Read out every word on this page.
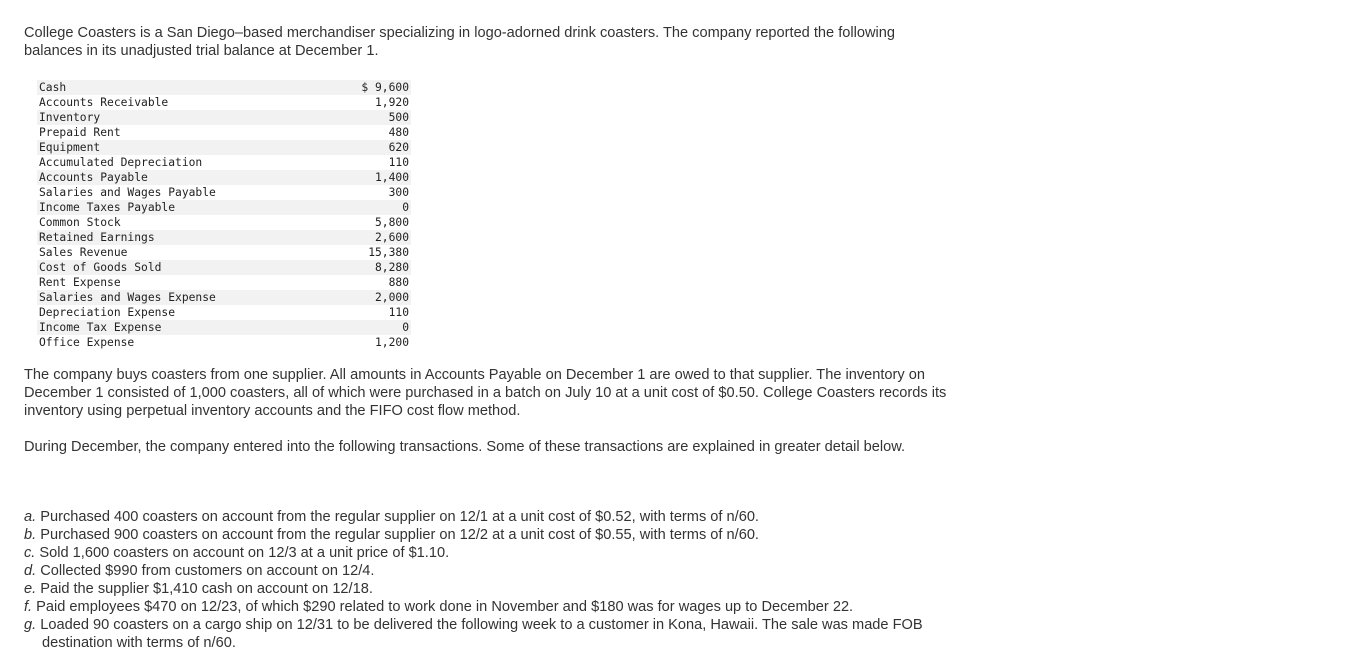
College Coasters is a San Diego–based merchandiser specializing in logo-adorned drink coasters. The company reported the following balances in its unadjusted trial balance at December 1.

Cash	$ 9,600
Accounts Receivable	1,920
Inventory	500
Prepaid Rent	480
Equipment	620
Accumulated Depreciation	110
Accounts Payable	1,400
Salaries and Wages Payable	300
Income Taxes Payable	0
Common Stock	5,800
Retained Earnings	2,600
Sales Revenue	15,380
Cost of Goods Sold	8,280
Rent Expense	880
Salaries and Wages Expense	2,000
Depreciation Expense	110
Income Tax Expense	0
Office Expense	1,200

The company buys coasters from one supplier. All amounts in Accounts Payable on December 1 are owed to that supplier. The inventory on December 1 consisted of 1,000 coasters, all of which were purchased in a batch on July 10 at a unit cost of $0.50. College Coasters records its inventory using perpetual inventory accounts and the FIFO cost flow method.

During December, the company entered into the following transactions. Some of these transactions are explained in greater detail below.

a. Purchased 400 coasters on account from the regular supplier on 12/1 at a unit cost of $0.52, with terms of n/60.
b. Purchased 900 coasters on account from the regular supplier on 12/2 at a unit cost of $0.55, with terms of n/60.
c. Sold 1,600 coasters on account on 12/3 at a unit price of $1.10.
d. Collected $990 from customers on account on 12/4.
e. Paid the supplier $1,410 cash on account on 12/18.
f. Paid employees $470 on 12/23, of which $290 related to work done in November and $180 was for wages up to December 22.
g. Loaded 90 coasters on a cargo ship on 12/31 to be delivered the following week to a customer in Kona, Hawaii. The sale was made FOB destination with terms of n/60.
